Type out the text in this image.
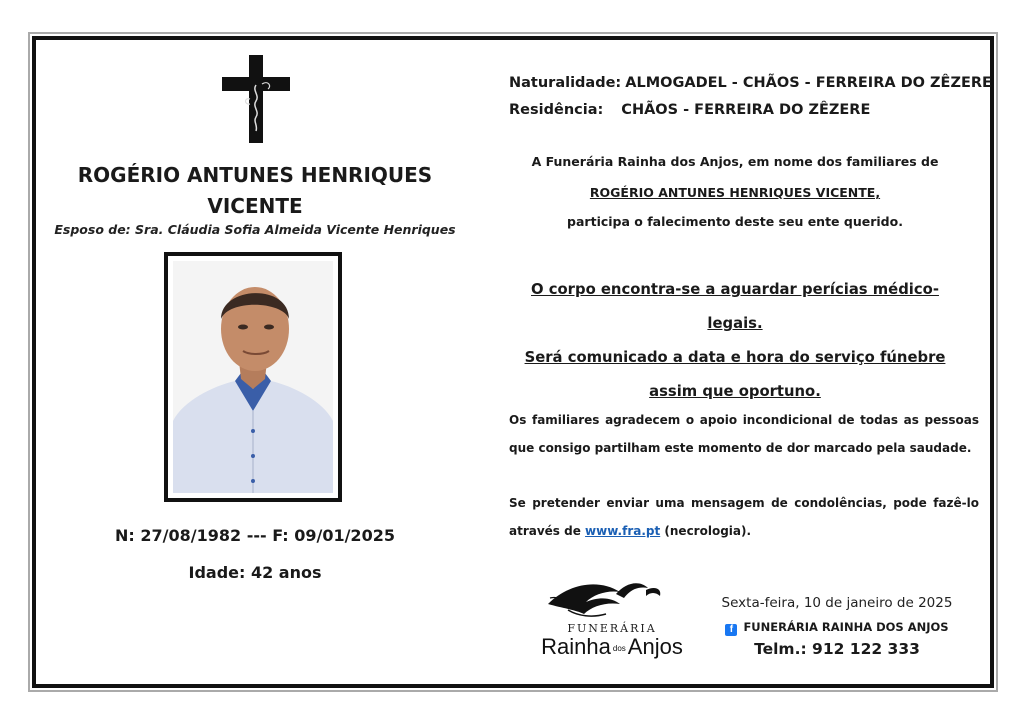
ROGÉRIO ANTUNES HENRIQUES VICENTE
Esposo de: Sra. Cláudia Sofia Almeida Vicente Henriques
N: 27/08/1982 --- F: 09/01/2025
Idade: 42 anos
Naturalidade: ALMOGADEL - CHÃOS - FERREIRA DO ZÊZERE
Residência: CHÃOS - FERREIRA DO ZÊZERE
A Funerária Rainha dos Anjos, em nome dos familiares de
ROGÉRIO ANTUNES HENRIQUES VICENTE,
participa o falecimento deste seu ente querido.
O corpo encontra-se a aguardar perícias médico-legais.
Será comunicado a data e hora do serviço fúnebre
assim que oportuno.
Os familiares agradecem o apoio incondicional de todas as pessoas que consigo partilham este momento de dor marcado pela saudade.
Se pretender enviar uma mensagem de condolências, pode fazê-lo através de www.fra.pt (necrologia).
FUNERÁRIA
Rainha dosAnjos
Sexta-feira, 10 de janeiro de 2025
f FUNERÁRIA RAINHA DOS ANJOS
Telm.: 912 122 333
